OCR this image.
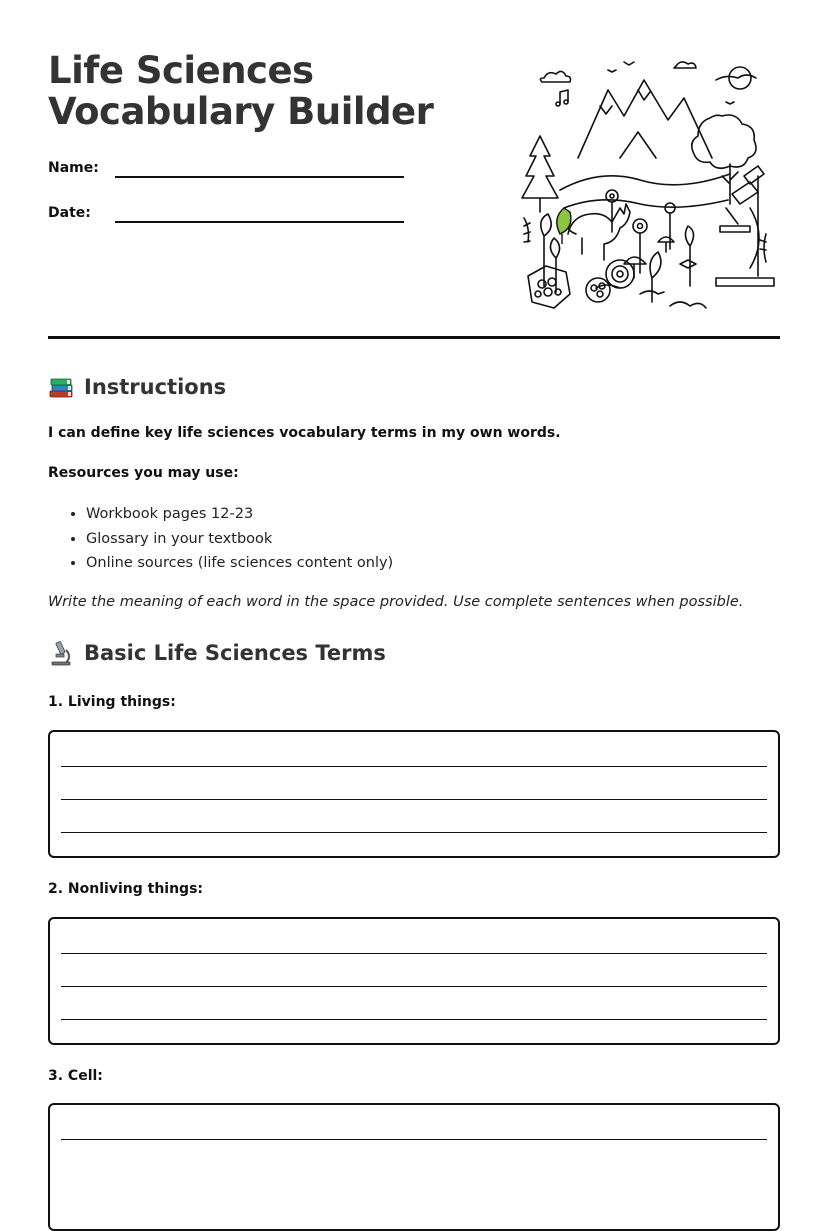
Life Sciences Vocabulary Builder
Name:
Date:
Instructions
I can define key life sciences vocabulary terms in my own words.
Resources you may use:
• Workbook pages 12-23
• Glossary in your textbook
• Online sources (life sciences content only)
Write the meaning of each word in the space provided. Use complete sentences when possible.
Basic Life Sciences Terms
1. Living things:
2. Nonliving things:
3. Cell:
